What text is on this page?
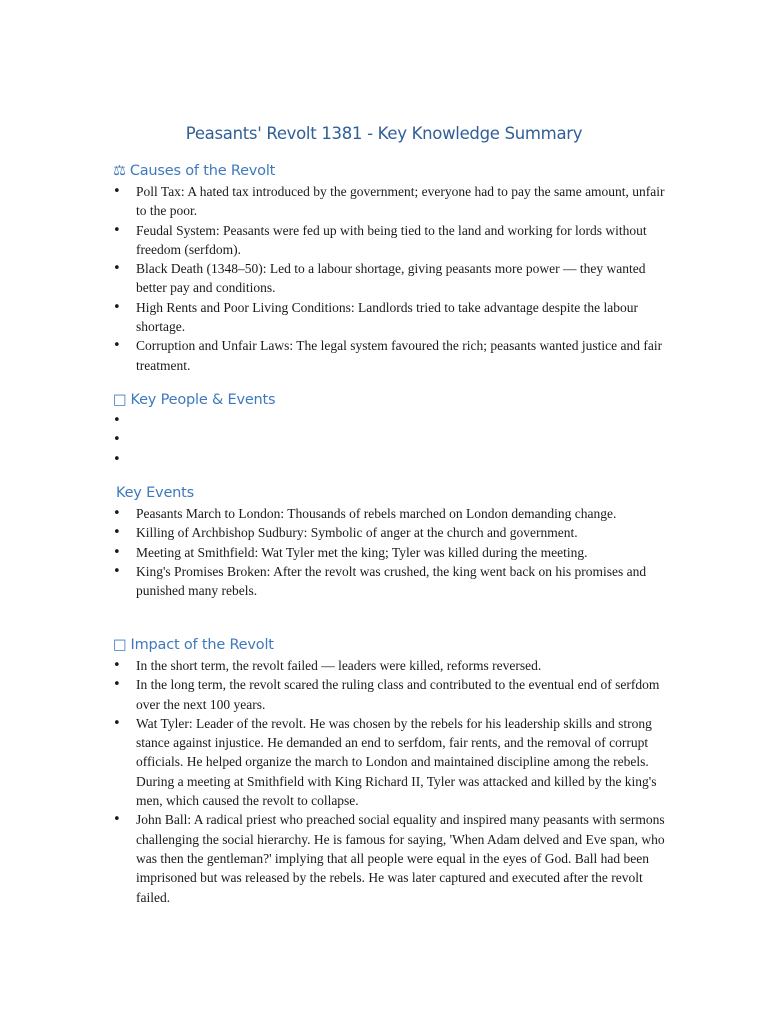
Peasants' Revolt 1381 - Key Knowledge Summary
⚖ Causes of the Revolt
• Poll Tax: A hated tax introduced by the government; everyone had to pay the same amount, unfair to the poor.
• Feudal System: Peasants were fed up with being tied to the land and working for lords without freedom (serfdom).
• Black Death (1348–50): Led to a labour shortage, giving peasants more power — they wanted better pay and conditions.
• High Rents and Poor Living Conditions: Landlords tried to take advantage despite the labour shortage.
• Corruption and Unfair Laws: The legal system favoured the rich; peasants wanted justice and fair treatment.
□ Key People & Events
•
•
•
Key Events
• Peasants March to London: Thousands of rebels marched on London demanding change.
• Killing of Archbishop Sudbury: Symbolic of anger at the church and government.
• Meeting at Smithfield: Wat Tyler met the king; Tyler was killed during the meeting.
• King's Promises Broken: After the revolt was crushed, the king went back on his promises and punished many rebels.
□ Impact of the Revolt
• In the short term, the revolt failed — leaders were killed, reforms reversed.
• In the long term, the revolt scared the ruling class and contributed to the eventual end of serfdom over the next 100 years.
• Wat Tyler: Leader of the revolt. He was chosen by the rebels for his leadership skills and strong stance against injustice. He demanded an end to serfdom, fair rents, and the removal of corrupt officials. He helped organize the march to London and maintained discipline among the rebels. During a meeting at Smithfield with King Richard II, Tyler was attacked and killed by the king's men, which caused the revolt to collapse.
• John Ball: A radical priest who preached social equality and inspired many peasants with sermons challenging the social hierarchy. He is famous for saying, 'When Adam delved and Eve span, who was then the gentleman?' implying that all people were equal in the eyes of God. Ball had been imprisoned but was released by the rebels. He was later captured and executed after the revolt failed.
